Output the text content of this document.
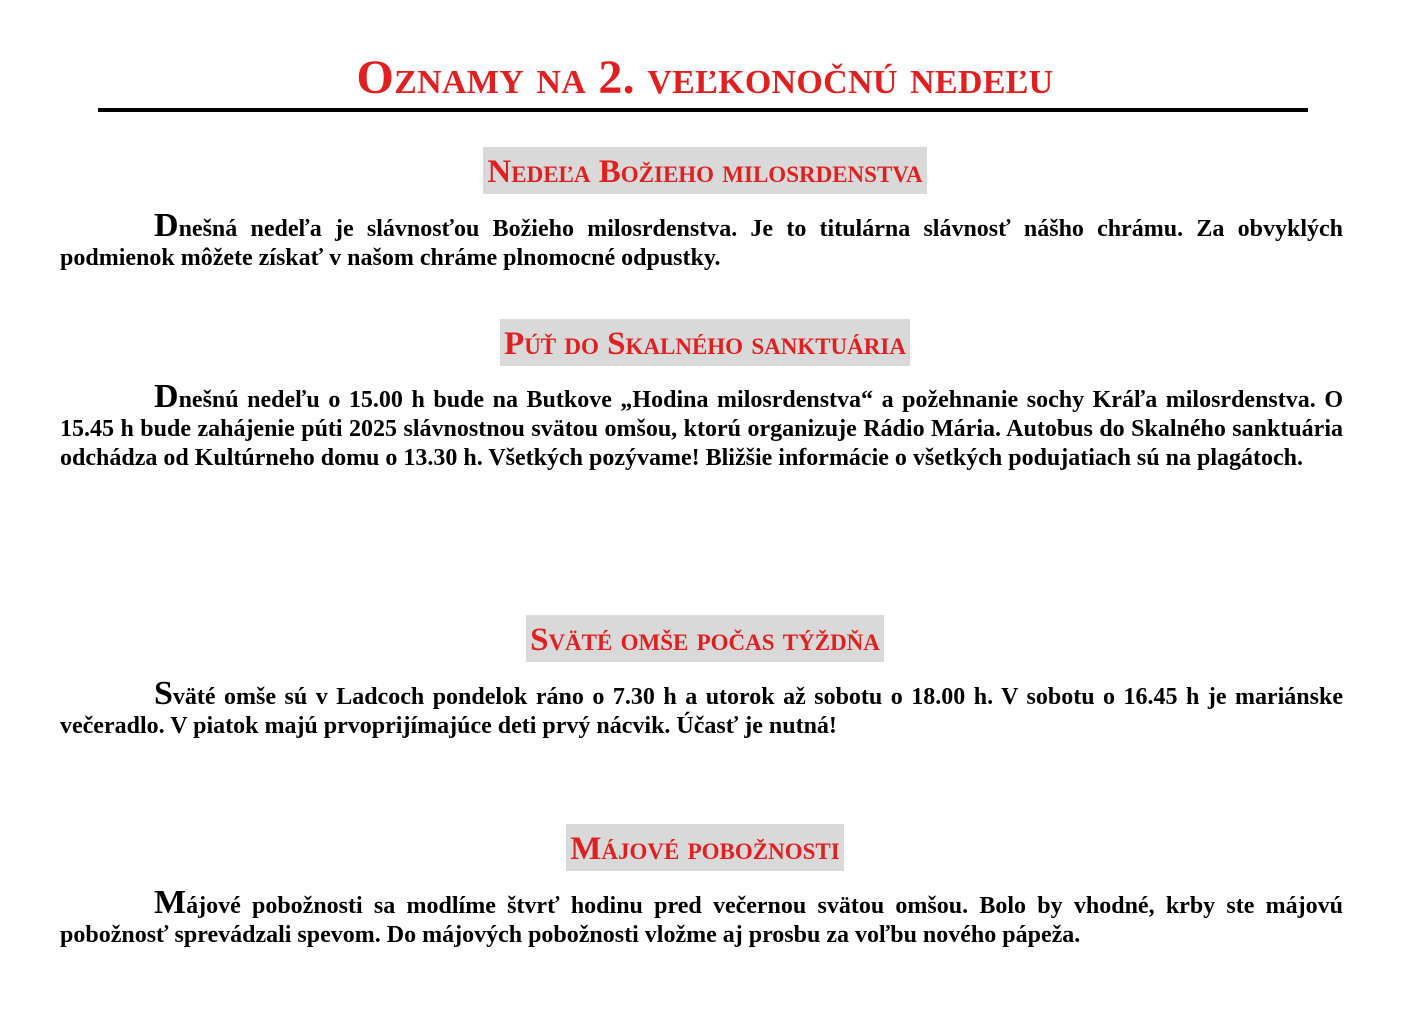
Oznamy na 2. veľkonočnú nedeľu
Nedeľa Božieho milosrdenstva

Dnešná nedeľa je slávnosťou Božieho milosrdenstva. Je to titulárna slávnosť nášho chrámu. Za obvyklých podmienok môžete získať v našom chráme plnomocné odpustky.

Púť do Skalného sanktuária

Dnešnú nedeľu o 15.00 h bude na Butkove „Hodina milosrdenstva“ a požehnanie sochy Kráľa milosrdenstva. O 15.45 h bude zahájenie púti 2025 slávnostnou svätou omšou, ktorú organizuje Rádio Mária. Autobus do Skalného sanktuária odchádza od Kultúrneho domu o 13.30 h. Všetkých pozývame! Bližšie informácie o všetkých podujatiach sú na plagátoch.

Sväté omše počas týždňa

Sväté omše sú v Ladcoch pondelok ráno o 7.30 h a utorok až sobotu o 18.00 h. V sobotu o 16.45 h je mariánske večeradlo. V piatok majú prvoprijímajúce deti prvý nácvik. Účasť je nutná!

Májové pobožnosti

Májové pobožnosti sa modlíme štvrť hodinu pred večernou svätou omšou. Bolo by vhodné, krby ste májovú pobožnosť sprevádzali spevom. Do májových pobožnosti vložme aj prosbu za voľbu nového pápeža.
